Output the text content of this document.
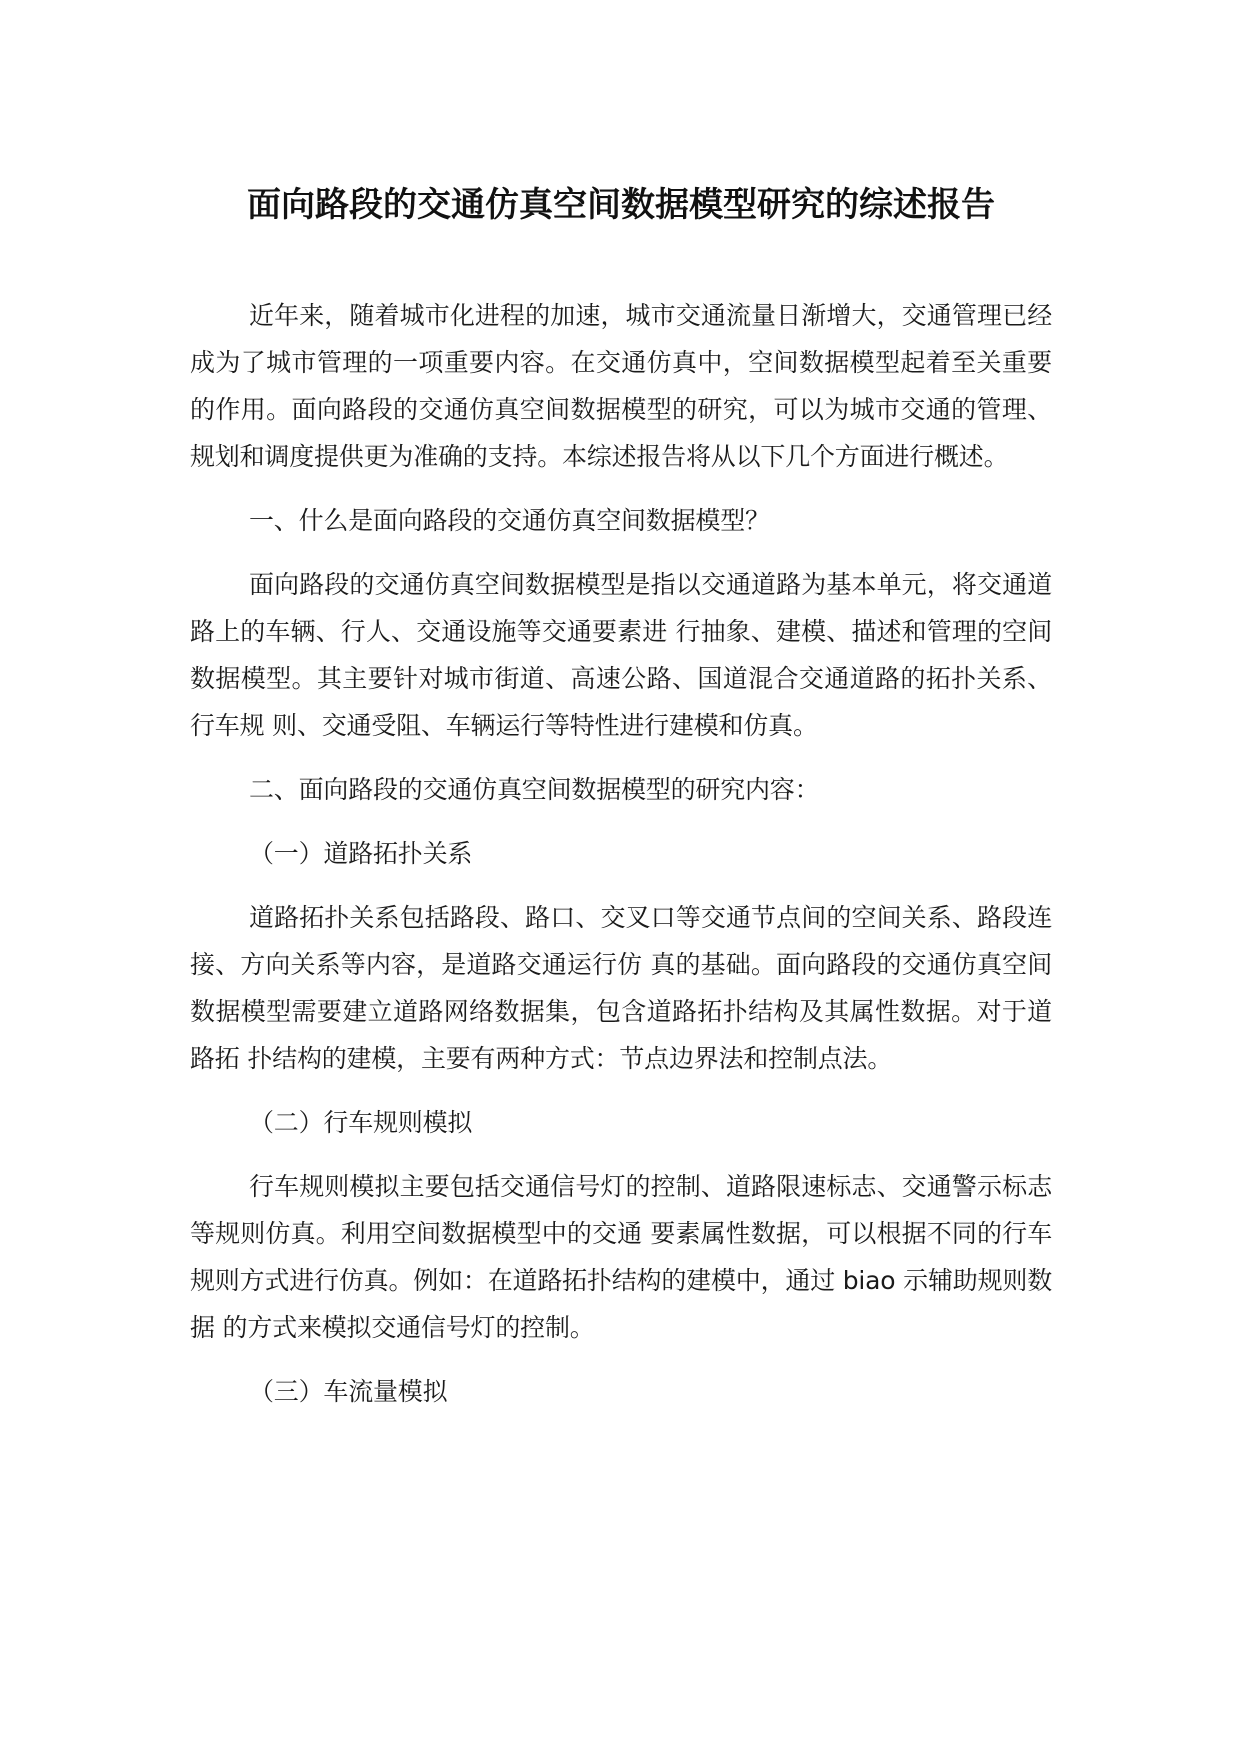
面向路段的交通仿真空间数据模型研究的综述报告

近年来，随着城市化进程的加速，城市交通流量日渐增大，交通管理已经成为了城市管理的一项重要内容。在交通仿真中，空间数据模型起着至关重要的作用。面向路段的交通仿真空间数据模型的研究，可以为城市交通的管理、规划和调度提供更为准确的支持。本综述报告将从以下几个方面进行概述。

一、什么是面向路段的交通仿真空间数据模型？

面向路段的交通仿真空间数据模型是指以交通道路为基本单元，将交通道路上的车辆、行人、交通设施等交通要素进 行抽象、建模、描述和管理的空间数据模型。其主要针对城市街道、高速公路、国道混合交通道路的拓扑关系、行车规 则、交通受阻、车辆运行等特性进行建模和仿真。

二、面向路段的交通仿真空间数据模型的研究内容：

（一）道路拓扑关系

道路拓扑关系包括路段、路口、交叉口等交通节点间的空间关系、路段连接、方向关系等内容，是道路交通运行仿 真的基础。面向路段的交通仿真空间数据模型需要建立道路网络数据集，包含道路拓扑结构及其属性数据。对于道路拓 扑结构的建模，主要有两种方式：节点边界法和控制点法。

（二）行车规则模拟

行车规则模拟主要包括交通信号灯的控制、道路限速标志、交通警示标志等规则仿真。利用空间数据模型中的交通 要素属性数据，可以根据不同的行车规则方式进行仿真。例如：在道路拓扑结构的建模中，通过 biao 示辅助规则数据 的方式来模拟交通信号灯的控制。

（三）车流量模拟
